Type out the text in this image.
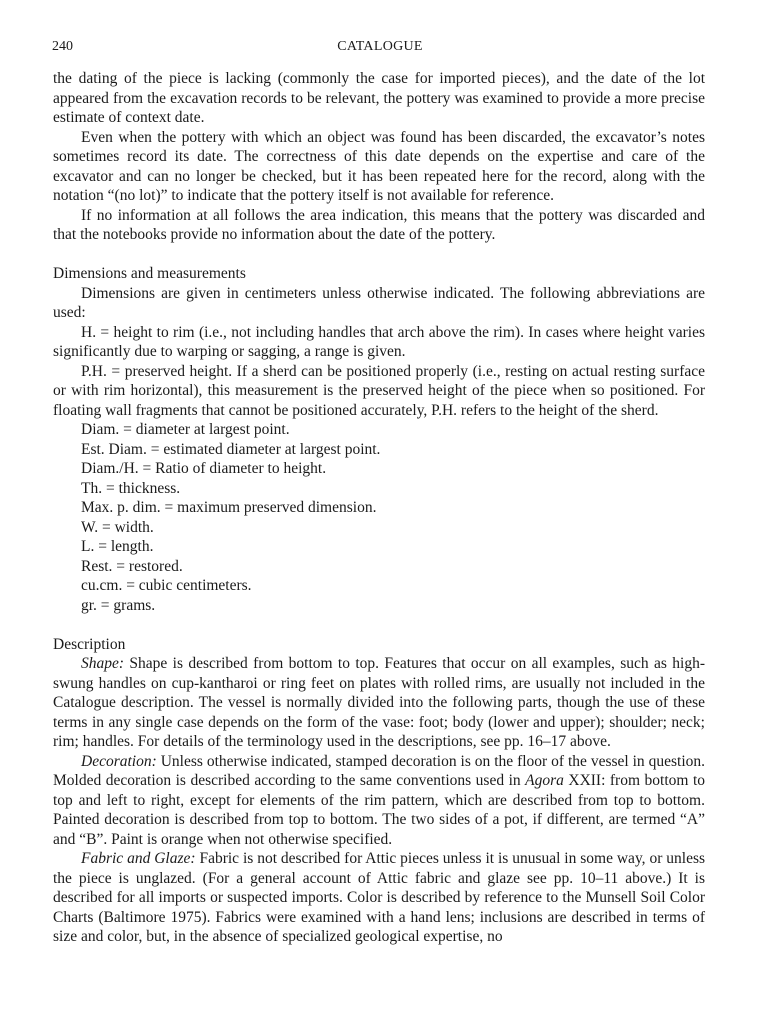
240	CATALOGUE

the dating of the piece is lacking (commonly the case for imported pieces), and the date of the lot appeared from the excavation records to be relevant, the pottery was examined to provide a more precise estimate of context date.

Even when the pottery with which an object was found has been discarded, the excavator’s notes sometimes record its date. The correctness of this date depends on the expertise and care of the excavator and can no longer be checked, but it has been repeated here for the record, along with the notation “(no lot)” to indicate that the pottery itself is not available for reference.

If no information at all follows the area indication, this means that the pottery was discarded and that the notebooks provide no information about the date of the pottery.

Dimensions and measurements

Dimensions are given in centimeters unless otherwise indicated. The following abbreviations are used:

H. = height to rim (i.e., not including handles that arch above the rim). In cases where height varies significantly due to warping or sagging, a range is given.

P.H. = preserved height. If a sherd can be positioned properly (i.e., resting on actual resting surface or with rim horizontal), this measurement is the preserved height of the piece when so positioned. For floating wall fragments that cannot be positioned accurately, P.H. refers to the height of the sherd.

Diam. = diameter at largest point.

Est. Diam. = estimated diameter at largest point.

Diam./H. = Ratio of diameter to height.

Th. = thickness.

Max. p. dim. = maximum preserved dimension.

W. = width.

L. = length.

Rest. = restored.

cu.cm. = cubic centimeters.

gr. = grams.

Description

Shape: Shape is described from bottom to top. Features that occur on all examples, such as high-swung handles on cup-kantharoi or ring feet on plates with rolled rims, are usually not included in the Catalogue description. The vessel is normally divided into the following parts, though the use of these terms in any single case depends on the form of the vase: foot; body (lower and upper); shoulder; neck; rim; handles. For details of the terminology used in the descriptions, see pp. 16–17 above.

Decoration: Unless otherwise indicated, stamped decoration is on the floor of the vessel in question. Molded decoration is described according to the same conventions used in Agora XXII: from bottom to top and left to right, except for elements of the rim pattern, which are described from top to bottom. Painted decoration is described from top to bottom. The two sides of a pot, if different, are termed “A” and “B”. Paint is orange when not otherwise specified.

Fabric and Glaze: Fabric is not described for Attic pieces unless it is unusual in some way, or unless the piece is unglazed. (For a general account of Attic fabric and glaze see pp. 10–11 above.) It is described for all imports or suspected imports. Color is described by reference to the Munsell Soil Color Charts (Baltimore 1975). Fabrics were examined with a hand lens; inclusions are described in terms of size and color, but, in the absence of specialized geological expertise, no
